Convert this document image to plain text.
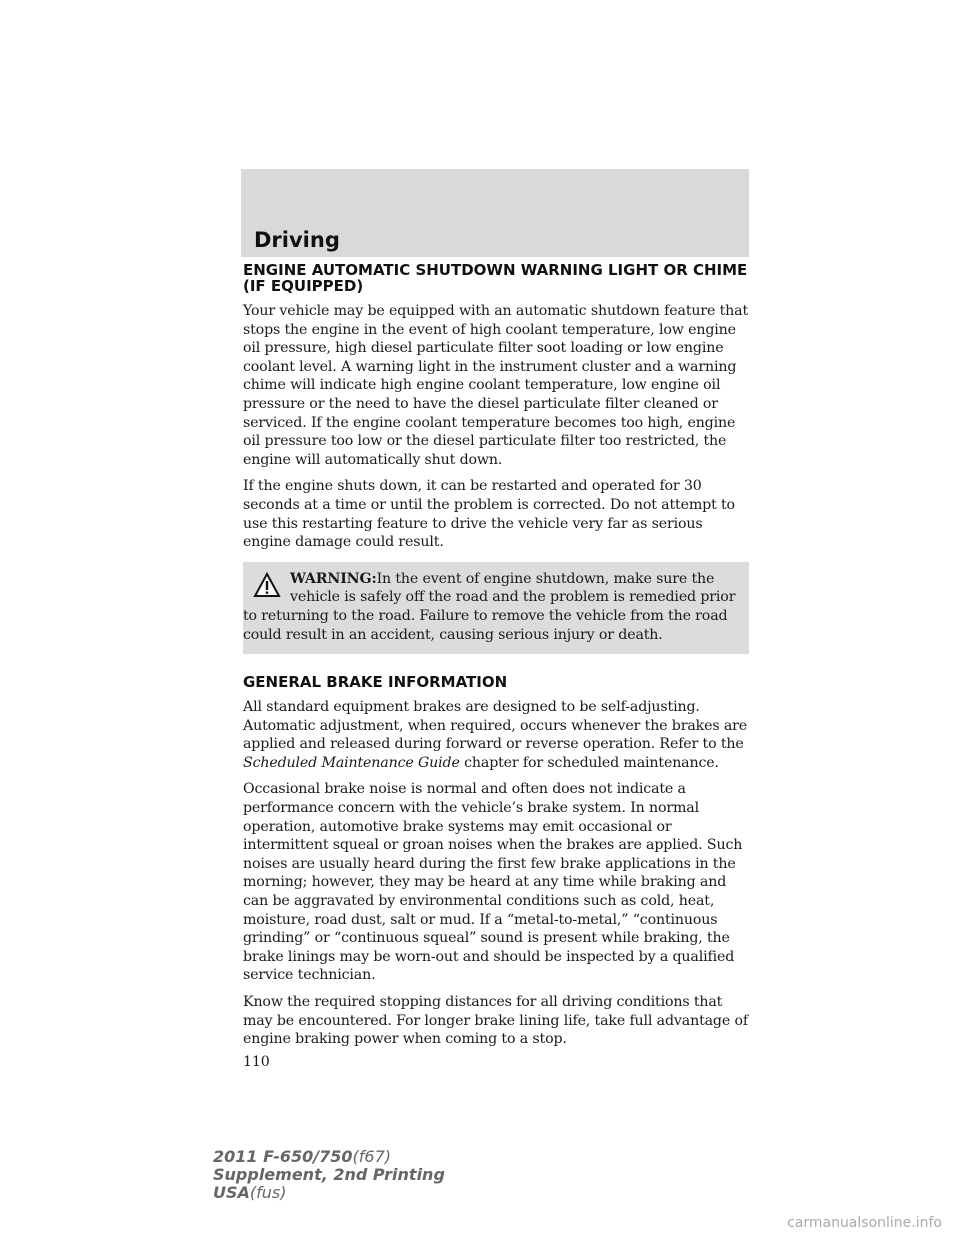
Driving
ENGINE AUTOMATIC SHUTDOWN WARNING LIGHT OR CHIME
(IF EQUIPPED)

Your vehicle may be equipped with an automatic shutdown feature that stops the engine in the event of high coolant temperature, low engine oil pressure, high diesel particulate filter soot loading or low engine coolant level. A warning light in the instrument cluster and a warning chime will indicate high engine coolant temperature, low engine oil pressure or the need to have the diesel particulate filter cleaned or serviced. If the engine coolant temperature becomes too high, engine oil pressure too low or the diesel particulate filter too restricted, the engine will automatically shut down.

If the engine shuts down, it can be restarted and operated for 30 seconds at a time or until the problem is corrected. Do not attempt to use this restarting feature to drive the vehicle very far as serious engine damage could result.

WARNING:In the event of engine shutdown, make sure the
vehicle is safely off the road and the problem is remedied prior
to returning to the road. Failure to remove the vehicle from the road could result in an accident, causing serious injury or death.
GENERAL BRAKE INFORMATION

All standard equipment brakes are designed to be self-adjusting. Automatic adjustment, when required, occurs whenever the brakes are applied and released during forward or reverse operation. Refer to the Scheduled Maintenance Guide chapter for scheduled maintenance.

Occasional brake noise is normal and often does not indicate a performance concern with the vehicle’s brake system. In normal operation, automotive brake systems may emit occasional or intermittent squeal or groan noises when the brakes are applied. Such noises are usually heard during the first few brake applications in the morning; however, they may be heard at any time while braking and can be aggravated by environmental conditions such as cold, heat, moisture, road dust, salt or mud. If a “metal-to-metal,” “continuous grinding” or “continuous squeal” sound is present while braking, the brake linings may be worn-out and should be inspected by a qualified service technician.

Know the required stopping distances for all driving conditions that may be encountered. For longer brake lining life, take full advantage of engine braking power when coming to a stop.

110
2011 F-650/750(f67)
Supplement, 2nd Printing
USA(fus)
carmanualsonline.info
